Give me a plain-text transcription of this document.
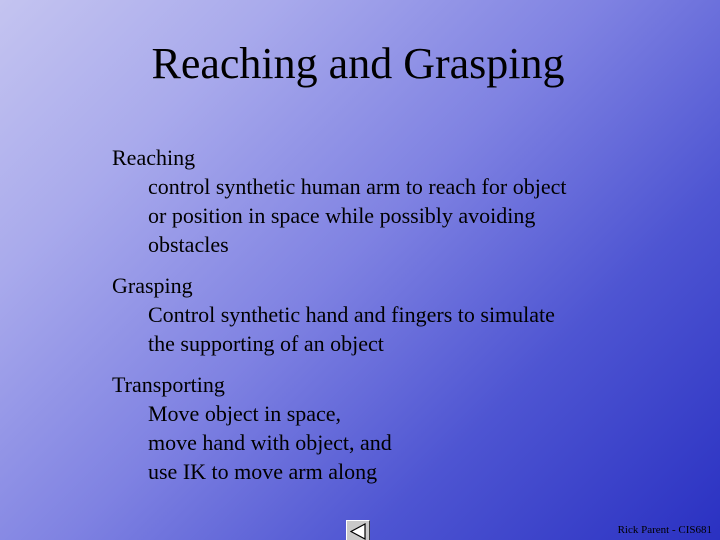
Reaching and Grasping
Reaching
control synthetic human arm to reach for object
or position in space while possibly avoiding
obstacles
Grasping
Control synthetic hand and fingers to simulate
the supporting of an object
Transporting
Move object in space,
move hand with object, and
use IK to move arm along
Rick Parent - CIS681
